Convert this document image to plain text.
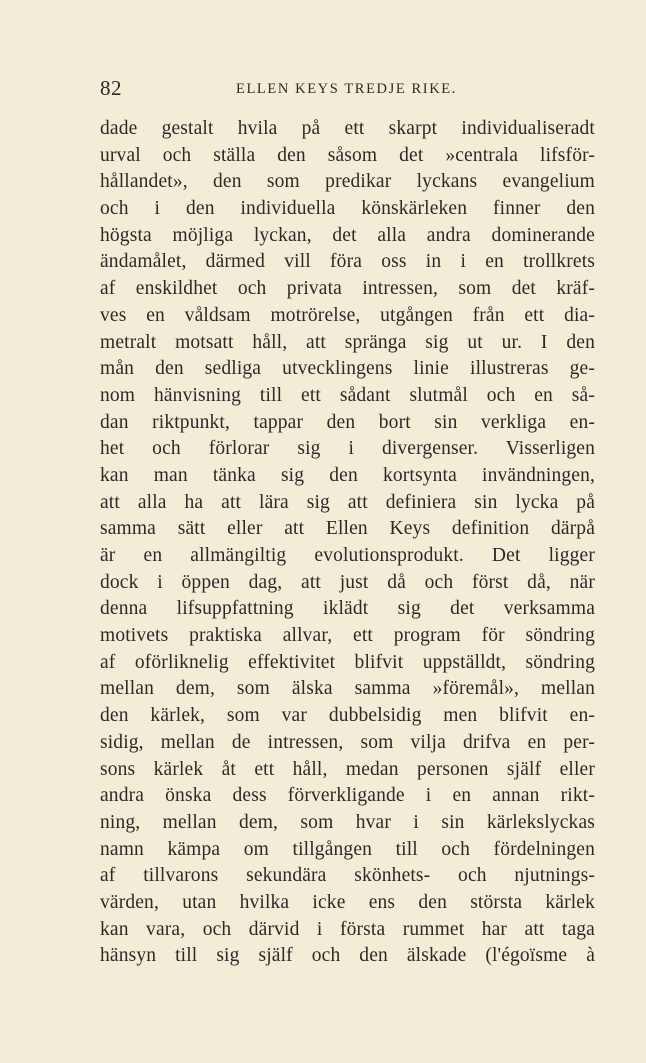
82	ELLEN KEYS TREDJE RIKE.
dade gestalt hvila på ett skarpt individualiseradt
urval och ställa den såsom det »centrala lifsför-
hållandet», den som predikar lyckans evangelium
och i den individuella könskärleken finner den
högsta möjliga lyckan, det alla andra dominerande
ändamålet, därmed vill föra oss in i en trollkrets
af enskildhet och privata intressen, som det kräf-
ves en våldsam motrörelse, utgången från ett dia-
metralt motsatt håll, att spränga sig ut ur. I den
mån den sedliga utvecklingens linie illustreras ge-
nom hänvisning till ett sådant slutmål och en så-
dan riktpunkt, tappar den bort sin verkliga en-
het och förlorar sig i divergenser. Visserligen
kan man tänka sig den kortsynta invändningen,
att alla ha att lära sig att definiera sin lycka på
samma sätt eller att Ellen Keys definition därpå
är en allmängiltig evolutionsprodukt. Det ligger
dock i öppen dag, att just då och först då, när
denna lifsuppfattning iklädt sig det verksamma
motivets praktiska allvar, ett program för söndring
af oförliknelig effektivitet blifvit uppställdt, söndring
mellan dem, som älska samma »föremål», mellan
den kärlek, som var dubbelsidig men blifvit en-
sidig, mellan de intressen, som vilja drifva en per-
sons kärlek åt ett håll, medan personen själf eller
andra önska dess förverkligande i en annan rikt-
ning, mellan dem, som hvar i sin kärlekslyckas
namn kämpa om tillgången till och fördelningen
af tillvarons sekundära skönhets- och njutnings-
värden, utan hvilka icke ens den största kärlek
kan vara, och därvid i första rummet har att taga
hänsyn till sig själf och den älskade (l'égoïsme à
